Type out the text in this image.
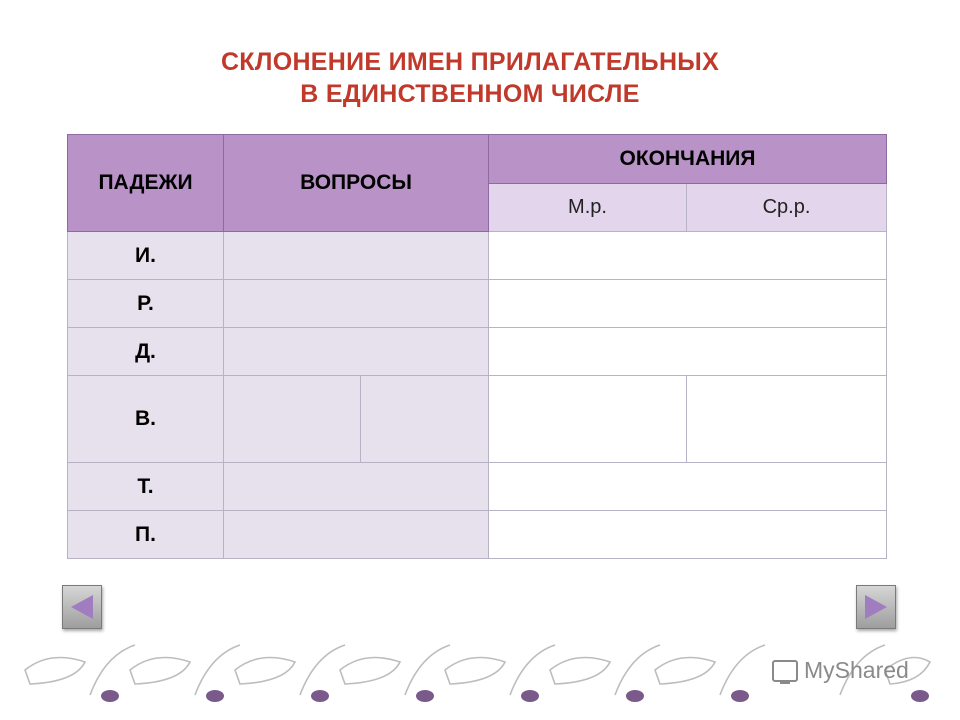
СКЛОНЕНИЕ ИМЕН ПРИЛАГАТЕЛЬНЫХ
В ЕДИНСТВЕННОМ ЧИСЛЕ
ПАДЕЖИ	ВОПРОСЫ		ОКОНЧАНИЯ	
			М.р.	Ср.р.
И.				
Р.				
Д.				
В.				
Т.				
П.				
MyShared
